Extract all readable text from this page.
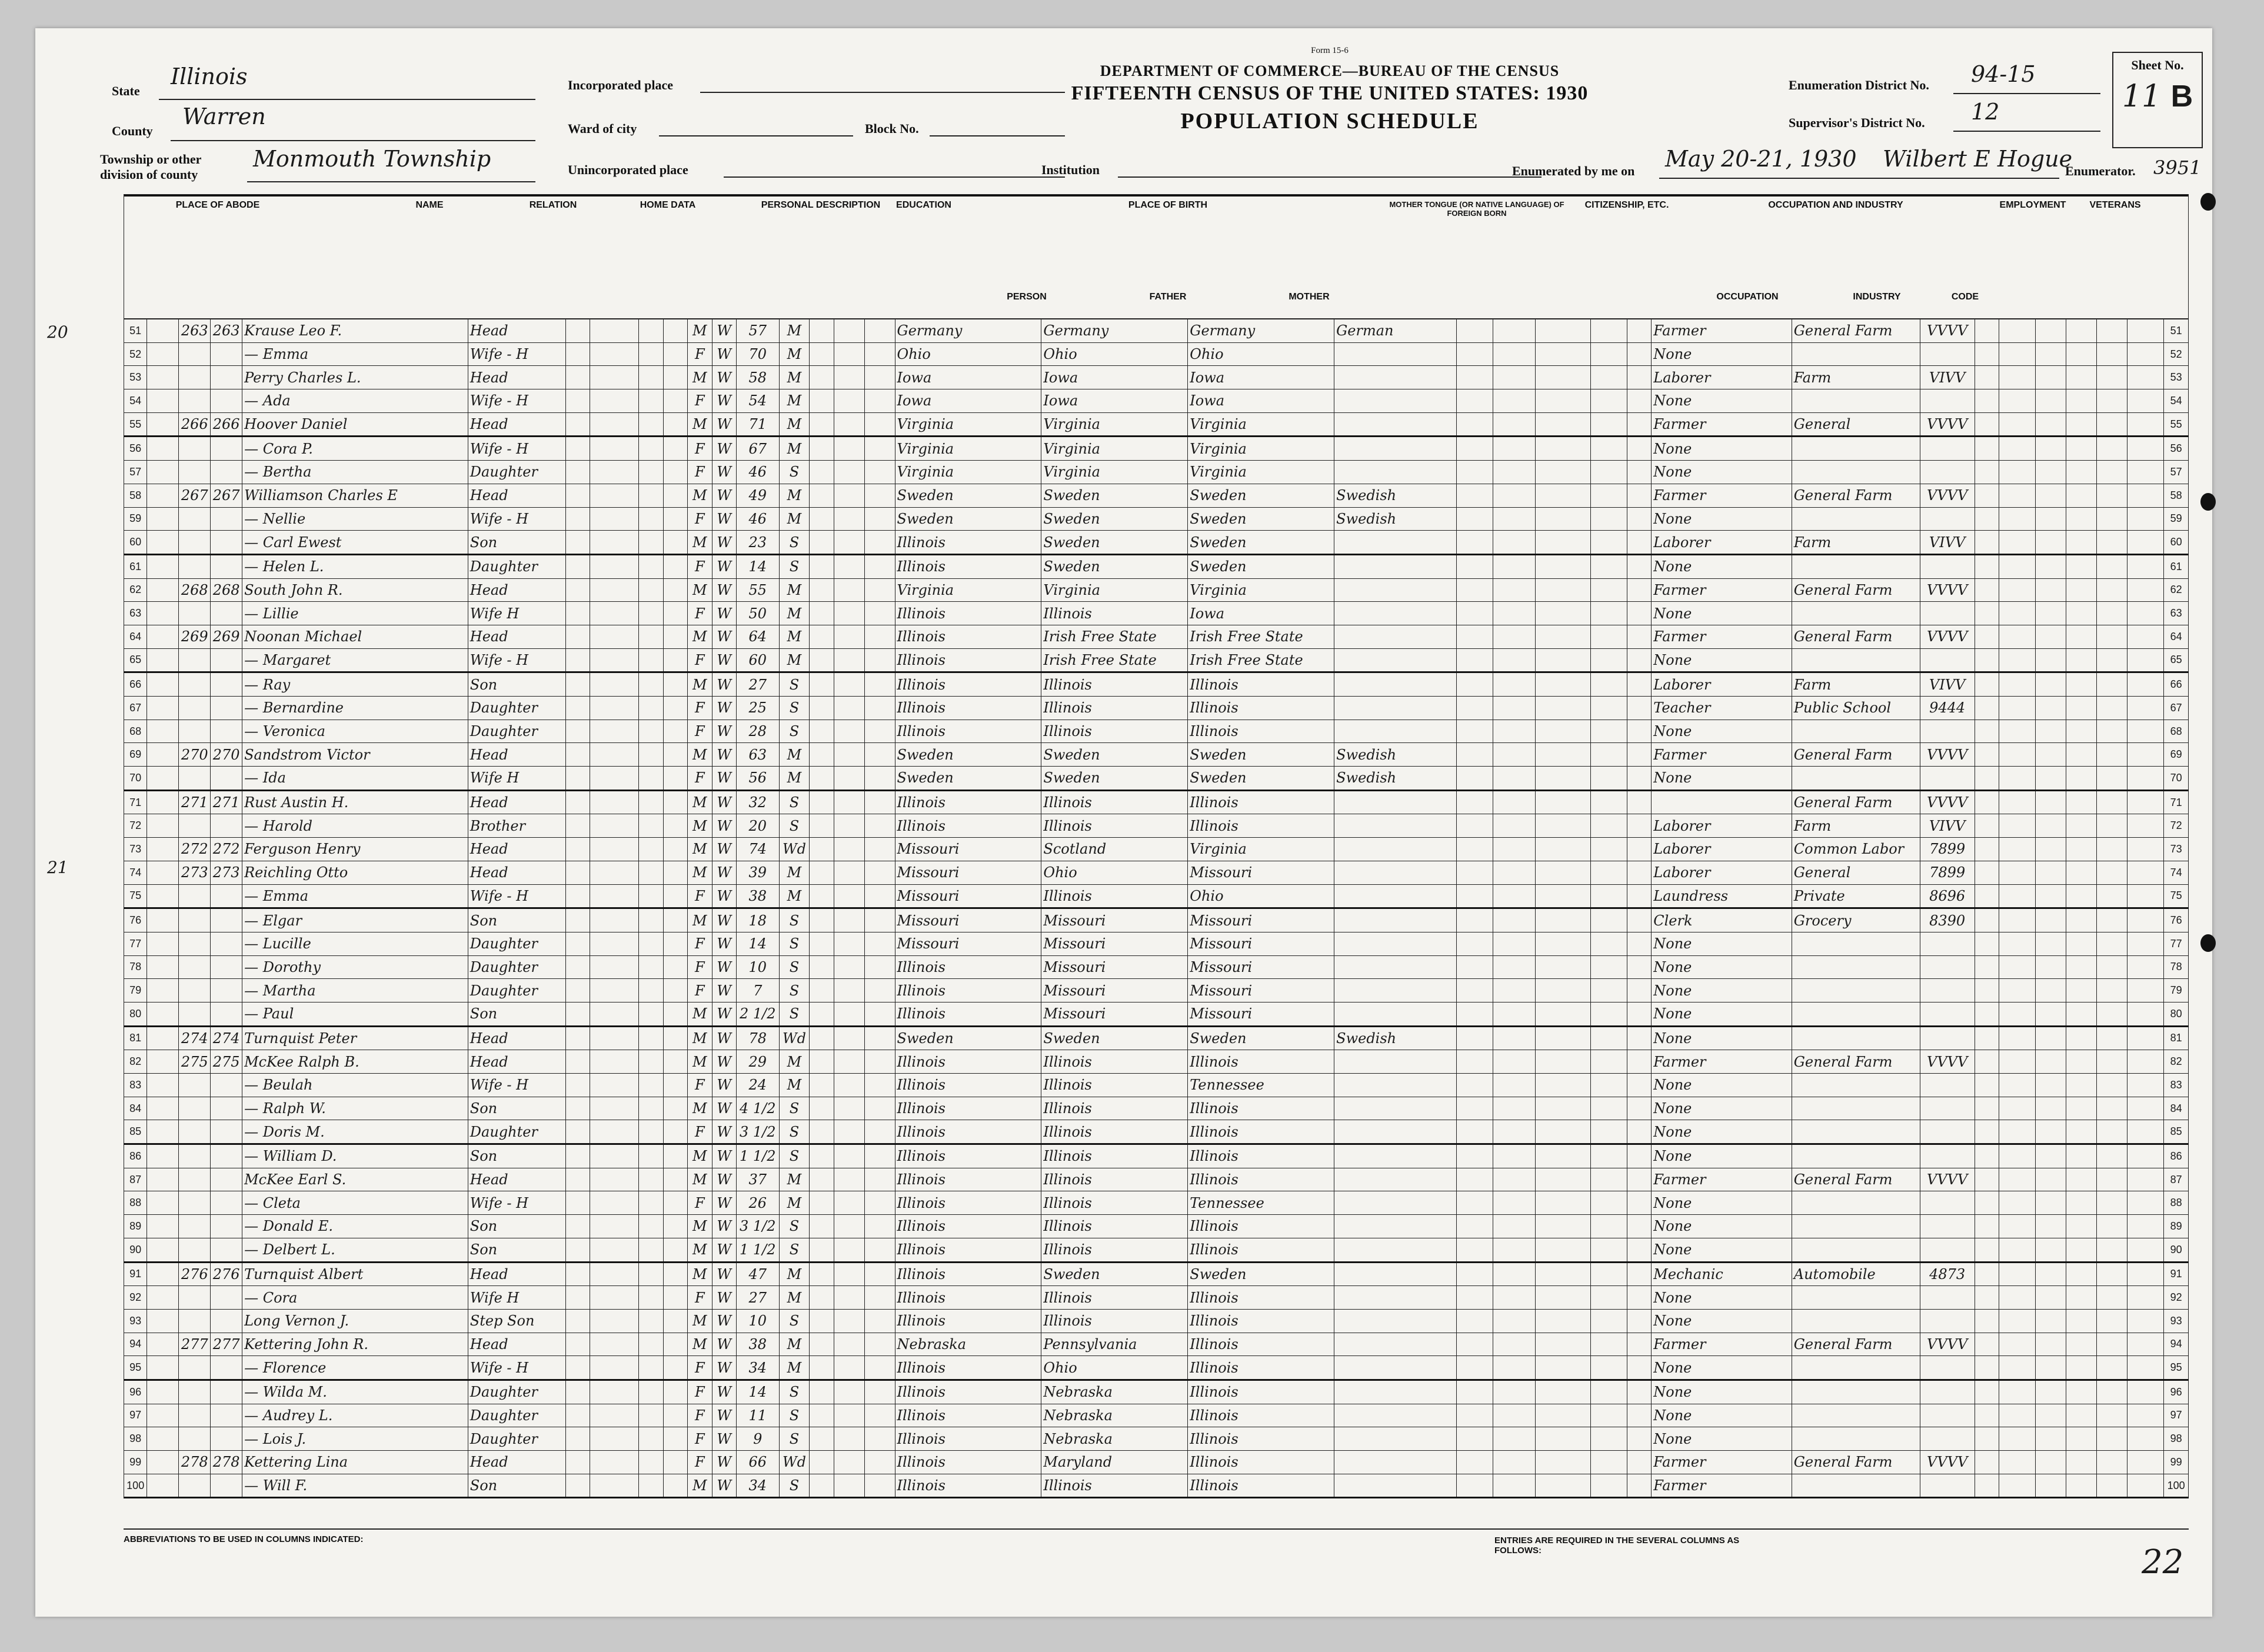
State
Illinois
County
Warren
Township or other division of county
Monmouth Township
Incorporated place
Ward of city	Block No.
Unincorporated place
Form 15-6
DEPARTMENT OF COMMERCE—BUREAU OF THE CENSUS
FIFTEENTH CENSUS OF THE UNITED STATES: 1930
POPULATION SCHEDULE
Institution
Enumeration District No. 94-15
Supervisor's District No. 12
Sheet No.
11 B
Enumerated by me on May 20-21, 1930 Wilbert E Hogue
Enumerator. 3951
PLACE OF ABODE	NAME	RELATION	HOME DATA	PERSONAL DESCRIPTION	EDUCATION	PLACE OF BIRTH	MOTHER TONGUE (OR NATIVE LANGUAGE) OF FOREIGN BORN
CITIZENSHIP, ETC.	OCCUPATION AND INDUSTRY	EMPLOYMENT	VETERANS
PERSON	FATHER	MOTHER	OCCUPATION	INDUSTRY	CODE
20
21
51		263	263	Krause Leo F.	Head					M	W	57	M				Germany	Germany	Germany	German						Farmer	General Farm	VVVV							51
52				— Emma	Wife - H					F	W	70	M				Ohio	Ohio	Ohio							None									52
53				Perry Charles L.	Head					M	W	58	M				Iowa	Iowa	Iowa							Laborer	Farm	VIVV							53
54				— Ada	Wife - H					F	W	54	M				Iowa	Iowa	Iowa							None									54
55		266	266	Hoover Daniel	Head					M	W	71	M				Virginia	Virginia	Virginia							Farmer	General	VVVV							55
56				— Cora P.	Wife - H					F	W	67	M				Virginia	Virginia	Virginia							None									56
57				— Bertha	Daughter					F	W	46	S				Virginia	Virginia	Virginia							None									57
58		267	267	Williamson Charles E	Head					M	W	49	M				Sweden	Sweden	Sweden	Swedish						Farmer	General Farm	VVVV							58
59				— Nellie	Wife - H					F	W	46	M				Sweden	Sweden	Sweden	Swedish						None									59
60				— Carl Ewest	Son					M	W	23	S				Illinois	Sweden	Sweden							Laborer	Farm	VIVV							60
61				— Helen L.	Daughter					F	W	14	S				Illinois	Sweden	Sweden							None									61
62		268	268	South John R.	Head					M	W	55	M				Virginia	Virginia	Virginia							Farmer	General Farm	VVVV							62
63				— Lillie	Wife H					F	W	50	M				Illinois	Illinois	Iowa							None									63
64		269	269	Noonan Michael	Head					M	W	64	M				Illinois	Irish Free State	Irish Free State							Farmer	General Farm	VVVV							64
65				— Margaret	Wife - H					F	W	60	M				Illinois	Irish Free State	Irish Free State							None									65
66				— Ray	Son					M	W	27	S				Illinois	Illinois	Illinois							Laborer	Farm	VIVV							66
67				— Bernardine	Daughter					F	W	25	S				Illinois	Illinois	Illinois							Teacher	Public School	9444							67
68				— Veronica	Daughter					F	W	28	S				Illinois	Illinois	Illinois							None									68
69		270	270	Sandstrom Victor	Head					M	W	63	M				Sweden	Sweden	Sweden	Swedish						Farmer	General Farm	VVVV							69
70				— Ida	Wife H					F	W	56	M				Sweden	Sweden	Sweden	Swedish						None									70
71		271	271	Rust Austin H.	Head					M	W	32	S				Illinois	Illinois	Illinois								General Farm	VVVV							71
72				— Harold	Brother					M	W	20	S				Illinois	Illinois	Illinois							Laborer	Farm	VIVV							72
73		272	272	Ferguson Henry	Head					M	W	74	Wd				Missouri	Scotland	Virginia							Laborer	Common Labor	7899							73
74		273	273	Reichling Otto	Head					M	W	39	M				Missouri	Ohio	Missouri							Laborer	General	7899							74
75				— Emma	Wife - H					F	W	38	M				Missouri	Illinois	Ohio							Laundress	Private	8696							75
76				— Elgar	Son					M	W	18	S				Missouri	Missouri	Missouri							Clerk	Grocery	8390							76
77				— Lucille	Daughter					F	W	14	S				Missouri	Missouri	Missouri							None									77
78				— Dorothy	Daughter					F	W	10	S				Illinois	Missouri	Missouri							None									78
79				— Martha	Daughter					F	W	7	S				Illinois	Missouri	Missouri							None									79
80				— Paul	Son					M	W	2 1/2	S				Illinois	Missouri	Missouri							None									80
81		274	274	Turnquist Peter	Head					M	W	78	Wd				Sweden	Sweden	Sweden	Swedish						None									81
82		275	275	McKee Ralph B.	Head					M	W	29	M				Illinois	Illinois	Illinois							Farmer	General Farm	VVVV							82
83				— Beulah	Wife - H					F	W	24	M				Illinois	Illinois	Tennessee							None									83
84				— Ralph W.	Son					M	W	4 1/2	S				Illinois	Illinois	Illinois							None									84
85				— Doris M.	Daughter					F	W	3 1/2	S				Illinois	Illinois	Illinois							None									85
86				— William D.	Son					M	W	1 1/2	S				Illinois	Illinois	Illinois							None									86
87				McKee Earl S.	Head					M	W	37	M				Illinois	Illinois	Illinois							Farmer	General Farm	VVVV							87
88				— Cleta	Wife - H					F	W	26	M				Illinois	Illinois	Tennessee							None									88
89				— Donald E.	Son					M	W	3 1/2	S				Illinois	Illinois	Illinois							None									89
90				— Delbert L.	Son					M	W	1 1/2	S				Illinois	Illinois	Illinois							None									90
91		276	276	Turnquist Albert	Head					M	W	47	M				Illinois	Sweden	Sweden							Mechanic	Automobile	4873							91
92				— Cora	Wife H					F	W	27	M				Illinois	Illinois	Illinois							None									92
93				Long Vernon J.	Step Son					M	W	10	S				Illinois	Illinois	Illinois							None									93
94		277	277	Kettering John R.	Head					M	W	38	M				Nebraska	Pennsylvania	Illinois							Farmer	General Farm	VVVV							94
95				— Florence	Wife - H					F	W	34	M				Illinois	Ohio	Illinois							None									95
96				— Wilda M.	Daughter					F	W	14	S				Illinois	Nebraska	Illinois							None									96
97				— Audrey L.	Daughter					F	W	11	S				Illinois	Nebraska	Illinois							None									97
98				— Lois J.	Daughter					F	W	9	S				Illinois	Nebraska	Illinois							None									98
99		278	278	Kettering Lina	Head					F	W	66	Wd				Illinois	Maryland	Illinois							Farmer	General Farm	VVVV							99
100				— Will F.	Son					M	W	34	S				Illinois	Illinois	Illinois							Farmer									100
ABBREVIATIONS TO BE USED IN COLUMNS INDICATED:	ENTRIES ARE REQUIRED IN THE SEVERAL COLUMNS AS FOLLOWS:	22
